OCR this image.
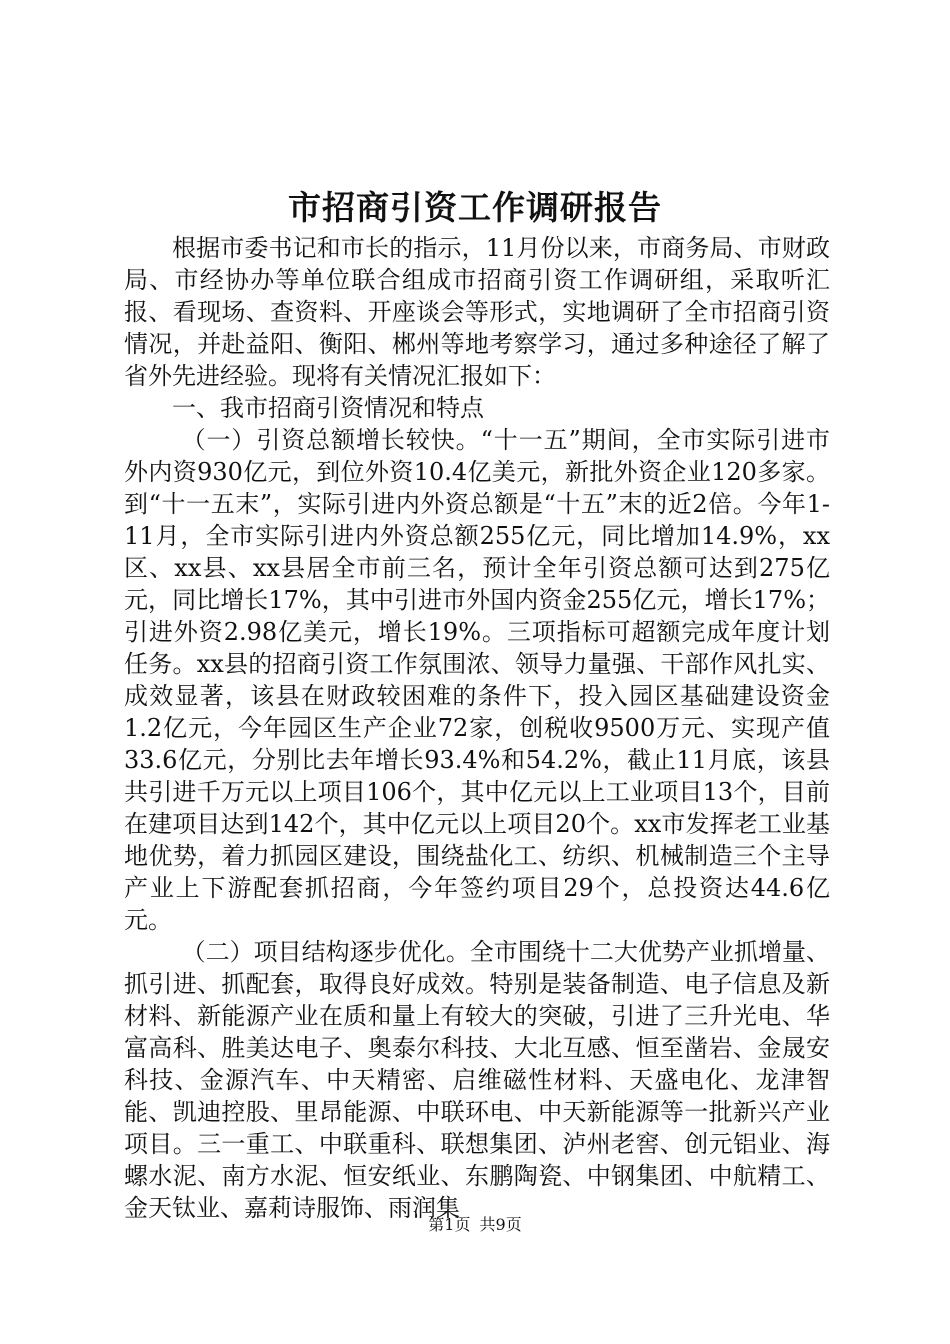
市招商引资工作调研报告

根据市委书记和市长的指示，11月份以来，市商务局、市财政局、市经协办等单位联合组成市招商引资工作调研组，采取听汇报、看现场、查资料、开座谈会等形式，实地调研了全市招商引资情况，并赴益阳、衡阳、郴州等地考察学习，通过多种途径了解了省外先进经验。现将有关情况汇报如下：

一、我市招商引资情况和特点

（一）引资总额增长较快。“十一五”期间，全市实际引进市外内资930亿元，到位外资10.4亿美元，新批外资企业120多家。到“十一五末”，实际引进内外资总额是“十五”末的近2倍。今年1-11月，全市实际引进内外资总额255亿元，同比增加14.9%，xx区、xx县、xx县居全市前三名，预计全年引资总额可达到275亿元，同比增长17%，其中引进市外国内资金255亿元，增长17%；引进外资2.98亿美元，增长19%。三项指标可超额完成年度计划任务。xx县的招商引资工作氛围浓、领导力量强、干部作风扎实、成效显著，该县在财政较困难的条件下，投入园区基础建设资金1.2亿元，今年园区生产企业72家，创税收9500万元、实现产值33.6亿元，分别比去年增长93.4%和54.2%，截止11月底，该县共引进千万元以上项目106个，其中亿元以上工业项目13个，目前在建项目达到142个，其中亿元以上项目20个。xx市发挥老工业基地优势，着力抓园区建设，围绕盐化工、纺织、机械制造三个主导产业上下游配套抓招商，今年签约项目29个，总投资达44.6亿元。

（二）项目结构逐步优化。全市围绕十二大优势产业抓增量、抓引进、抓配套，取得良好成效。特别是装备制造、电子信息及新材料、新能源产业在质和量上有较大的突破，引进了三升光电、华富高科、胜美达电子、奥泰尔科技、大北互感、恒至凿岩、金晟安科技、金源汽车、中天精密、启维磁性材料、天盛电化、龙津智能、凯迪控股、里昂能源、中联环电、中天新能源等一批新兴产业项目。三一重工、中联重科、联想集团、泸州老窖、创元铝业、海螺水泥、南方水泥、恒安纸业、东鹏陶瓷、中钢集团、中航精工、金天钛业、嘉莉诗服饰、雨润集

第1页 共9页
